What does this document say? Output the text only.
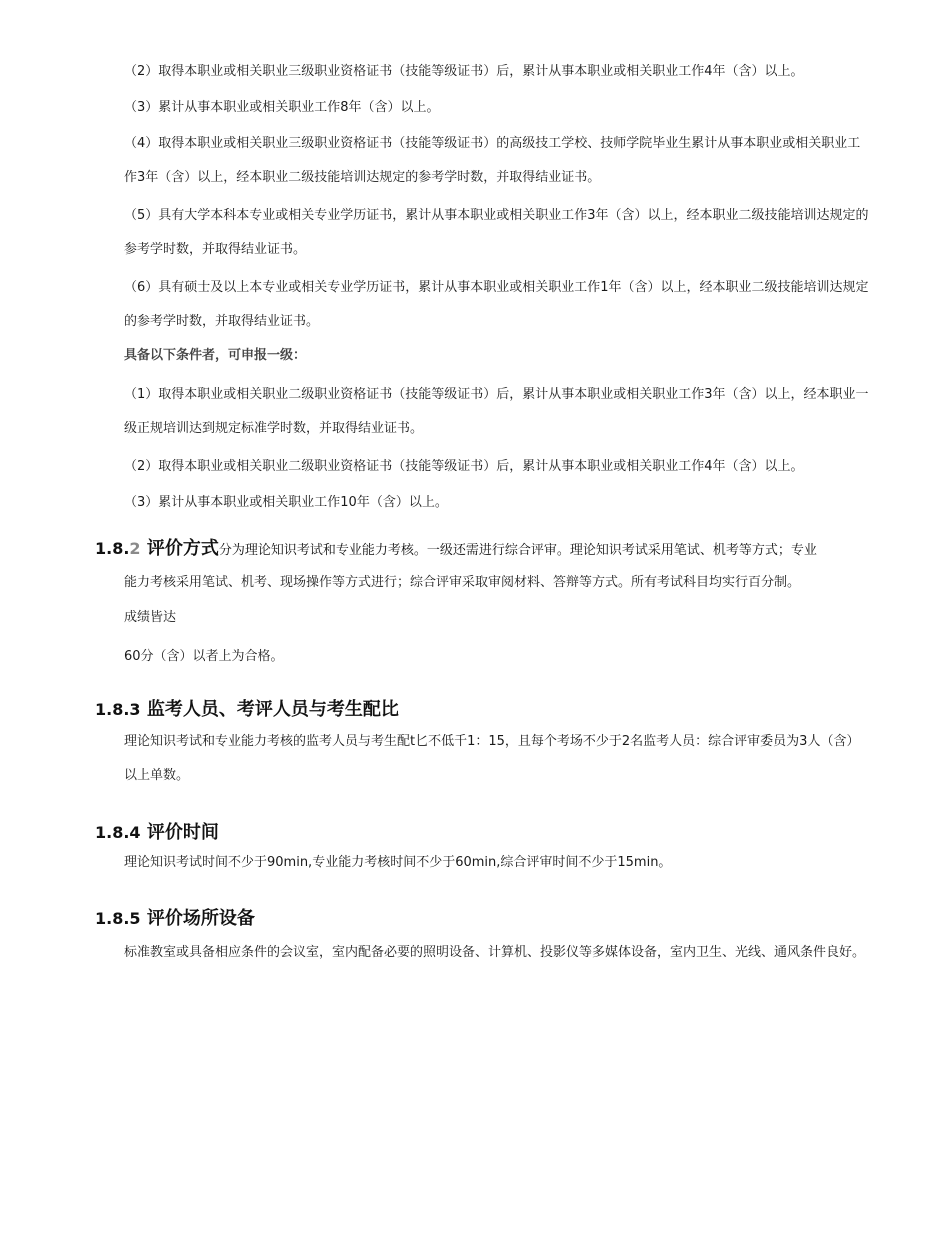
（2）取得本职业或相关职业三级职业资格证书（技能等级证书）后，累计从事本职业或相关职业工作4年（含）以上。

（3）累计从事本职业或相关职业工作8年（含）以上。

（4）取得本职业或相关职业三级职业资格证书（技能等级证书）的高级技工学校、技师学院毕业生累计从事本职业或相关职业工作3年（含）以上，经本职业二级技能培训达规定的参考学时数，并取得结业证书。

（5）具有大学本科本专业或相关专业学历证书，累计从事本职业或相关职业工作3年（含）以上，经本职业二级技能培训达规定的参考学时数，并取得结业证书。

（6）具有硕士及以上本专业或相关专业学历证书，累计从事本职业或相关职业工作1年（含）以上，经本职业二级技能培训达规定的参考学时数，并取得结业证书。

具备以下条件者，可申报一级：

（1）取得本职业或相关职业二级职业资格证书（技能等级证书）后，累计从事本职业或相关职业工作3年（含）以上，经本职业一级正规培训达到规定标准学时数，并取得结业证书。

（2）取得本职业或相关职业二级职业资格证书（技能等级证书）后，累计从事本职业或相关职业工作4年（含）以上。

（3）累计从事本职业或相关职业工作10年（含）以上。

1.8.2 评价方式分为理论知识考试和专业能力考核。一级还需进行综合评审。理论知识考试采用笔试、机考等方式；专业

能力考核采用笔试、机考、现场操作等方式进行；综合评审采取审阅材料、答辩等方式。所有考试科目均实行百分制。

成绩皆达

60分（含）以者上为合格。

1.8.3 监考人员、考评人员与考生配比

理论知识考试和专业能力考核的监考人员与考生配t匕不低千1：15，且每个考场不少于2名监考人员：综合评审委员为3人（含）以上单数。

1.8.4 评价时间

理论知识考试时间不少于90min,专业能力考核时间不少于60min,综合评审时间不少于15min。

1.8.5 评价场所设备

标准教室或具备相应条件的会议室，室内配备必要的照明设备、计算机、投影仪等多媒体设备，室内卫生、光线、通风条件良好。
